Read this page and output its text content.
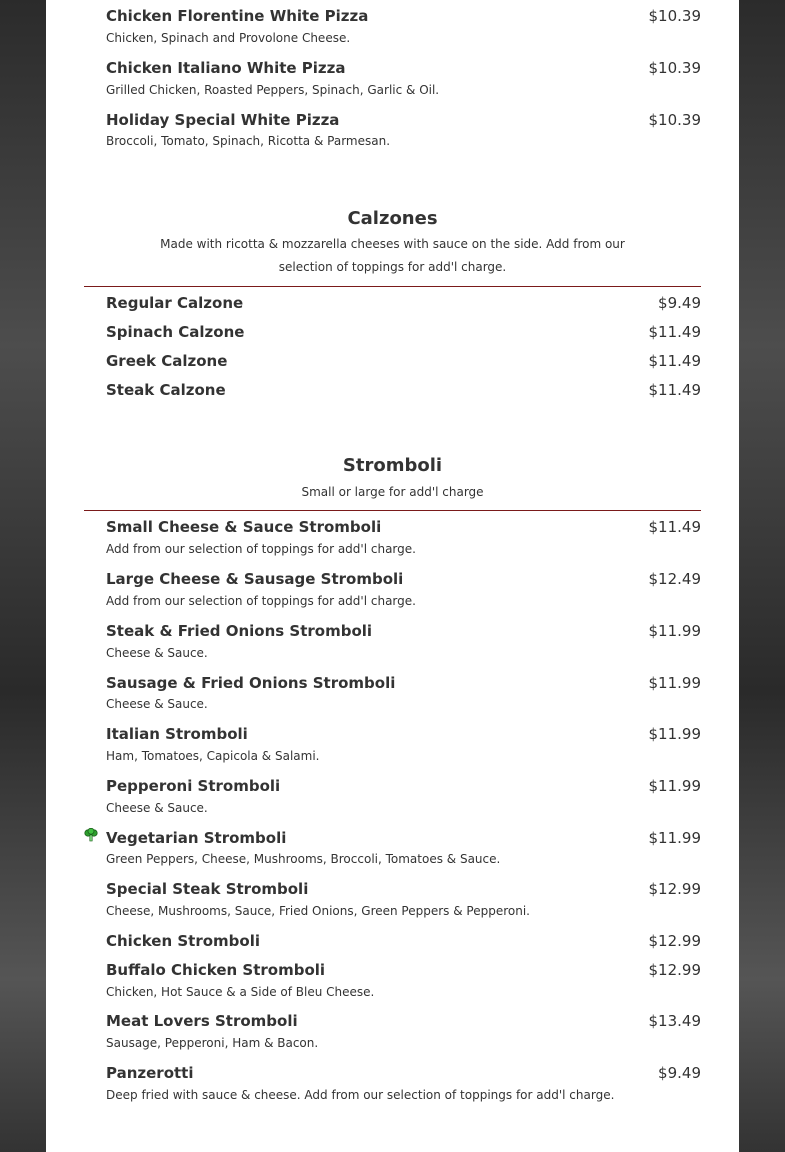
Chicken Florentine White Pizza	$10.39
Chicken, Spinach and Provolone Cheese.
Chicken Italiano White Pizza	$10.39
Grilled Chicken, Roasted Peppers, Spinach, Garlic & Oil.
Holiday Special White Pizza	$10.39
Broccoli, Tomato, Spinach, Ricotta & Parmesan.
Calzones
Made with ricotta & mozzarella cheeses with sauce on the side. Add from our
selection of toppings for add'l charge.
Regular Calzone	$9.49
Spinach Calzone	$11.49
Greek Calzone	$11.49
Steak Calzone	$11.49
Stromboli
Small or large for add'l charge
Small Cheese & Sauce Stromboli	$11.49
Add from our selection of toppings for add'l charge.
Large Cheese & Sausage Stromboli	$12.49
Add from our selection of toppings for add'l charge.
Steak & Fried Onions Stromboli	$11.99
Cheese & Sauce.
Sausage & Fried Onions Stromboli	$11.99
Cheese & Sauce.
Italian Stromboli	$11.99
Ham, Tomatoes, Capicola & Salami.
Pepperoni Stromboli	$11.99
Cheese & Sauce.
Vegetarian Stromboli	$11.99
Green Peppers, Cheese, Mushrooms, Broccoli, Tomatoes & Sauce.
Special Steak Stromboli	$12.99
Cheese, Mushrooms, Sauce, Fried Onions, Green Peppers & Pepperoni.
Chicken Stromboli	$12.99
Buffalo Chicken Stromboli	$12.99
Chicken, Hot Sauce & a Side of Bleu Cheese.
Meat Lovers Stromboli	$13.49
Sausage, Pepperoni, Ham & Bacon.
Panzerotti	$9.49
Deep fried with sauce & cheese. Add from our selection of toppings for add'l charge.
